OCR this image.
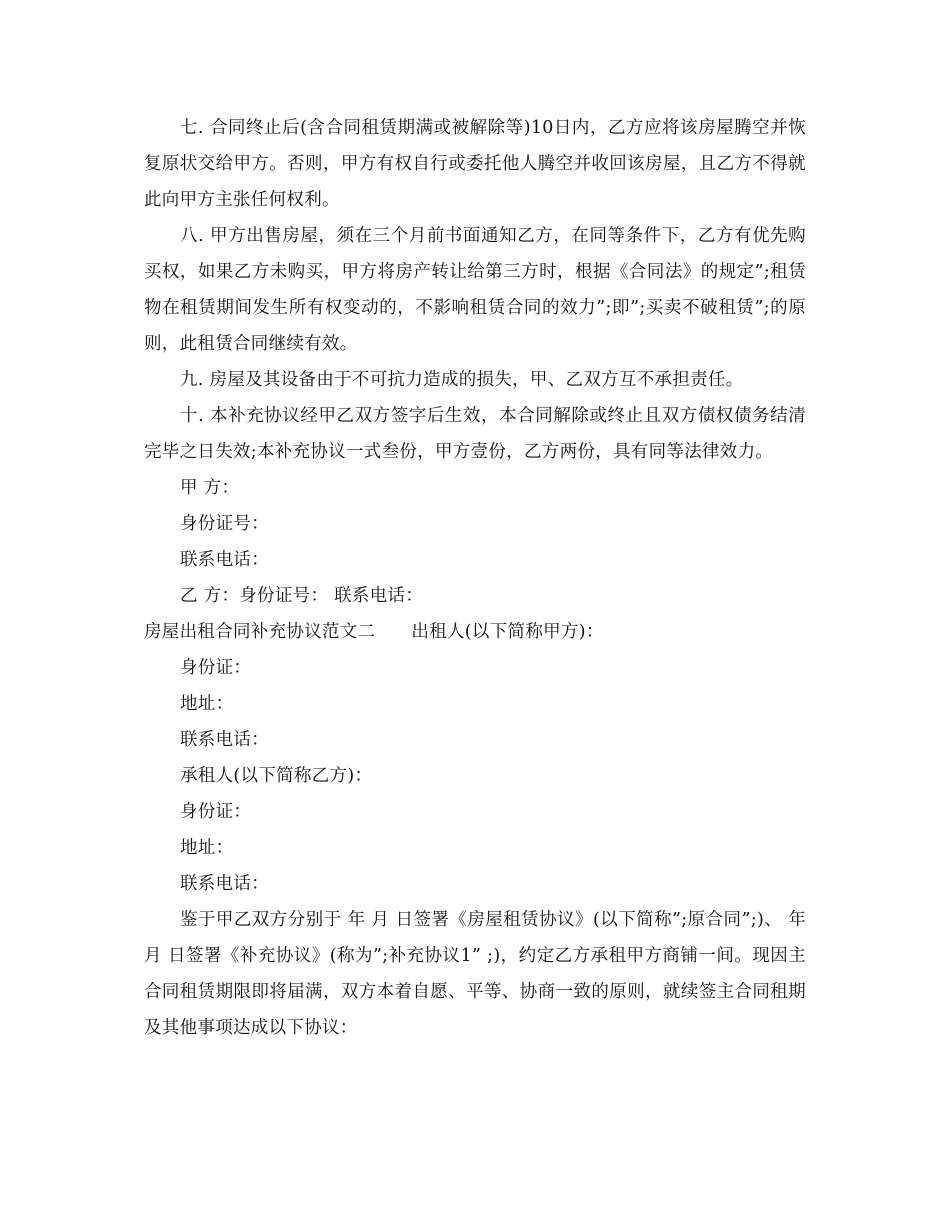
七. 合同终止后(含合同租赁期满或被解除等)10日内，乙方应将该房屋腾空并恢复原状交给甲方。否则，甲方有权自行或委托他人腾空并收回该房屋，且乙方不得就此向甲方主张任何权利。

八. 甲方出售房屋，须在三个月前书面通知乙方，在同等条件下，乙方有优先购买权，如果乙方未购买，甲方将房产转让给第三方时，根据《合同法》的规定”;租赁物在租赁期间发生所有权变动的，不影响租赁合同的效力”;即”;买卖不破租赁”;的原则，此租赁合同继续有效。

九. 房屋及其设备由于不可抗力造成的损失，甲、乙双方互不承担责任。

十. 本补充协议经甲乙双方签字后生效，本合同解除或终止且双方债权债务结清完毕之日失效;本补充协议一式叁份，甲方壹份，乙方两份，具有同等法律效力。

甲 方：

身份证号：

联系电话：

乙 方：身份证号： 联系电话：

房屋出租合同补充协议范文二 出租人(以下简称甲方)：

身份证：

地址：

联系电话：

承租人(以下简称乙方)：

身份证：

地址：

联系电话：

鉴于甲乙双方分别于 年 月 日签署《房屋租赁协议》(以下简称”;原合同”;)、 年 月 日签署《补充协议》(称为”;补充协议1” ;)，约定乙方承租甲方商铺一间。现因主合同租赁期限即将届满，双方本着自愿、平等、协商一致的原则，就续签主合同租期及其他事项达成以下协议：
